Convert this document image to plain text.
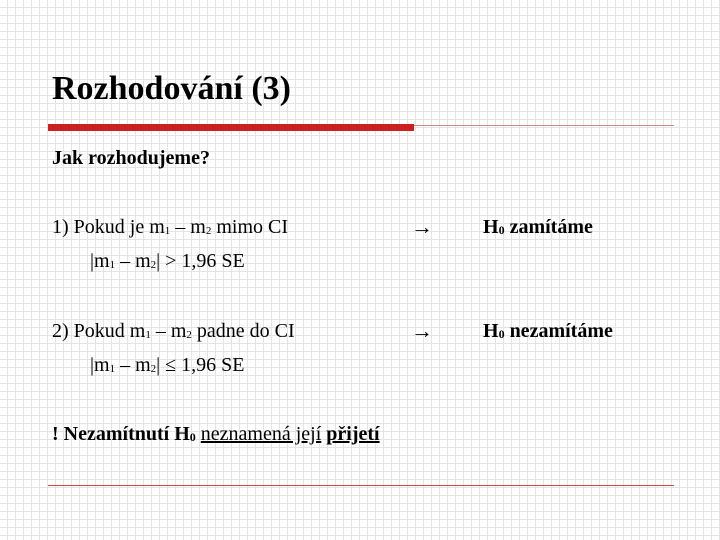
Rozhodování (3)
Jak rozhodujeme?
1) Pokud je m1 – m2 mimo CI
|m1 – m2| > 1,96 SE
→	H0 zamítáme
2) Pokud m1 – m2 padne do CI
|m1 – m2| ≤ 1,96 SE
→	H0 nezamítáme
! Nezamítnutí H0 neznamená její přijetí
